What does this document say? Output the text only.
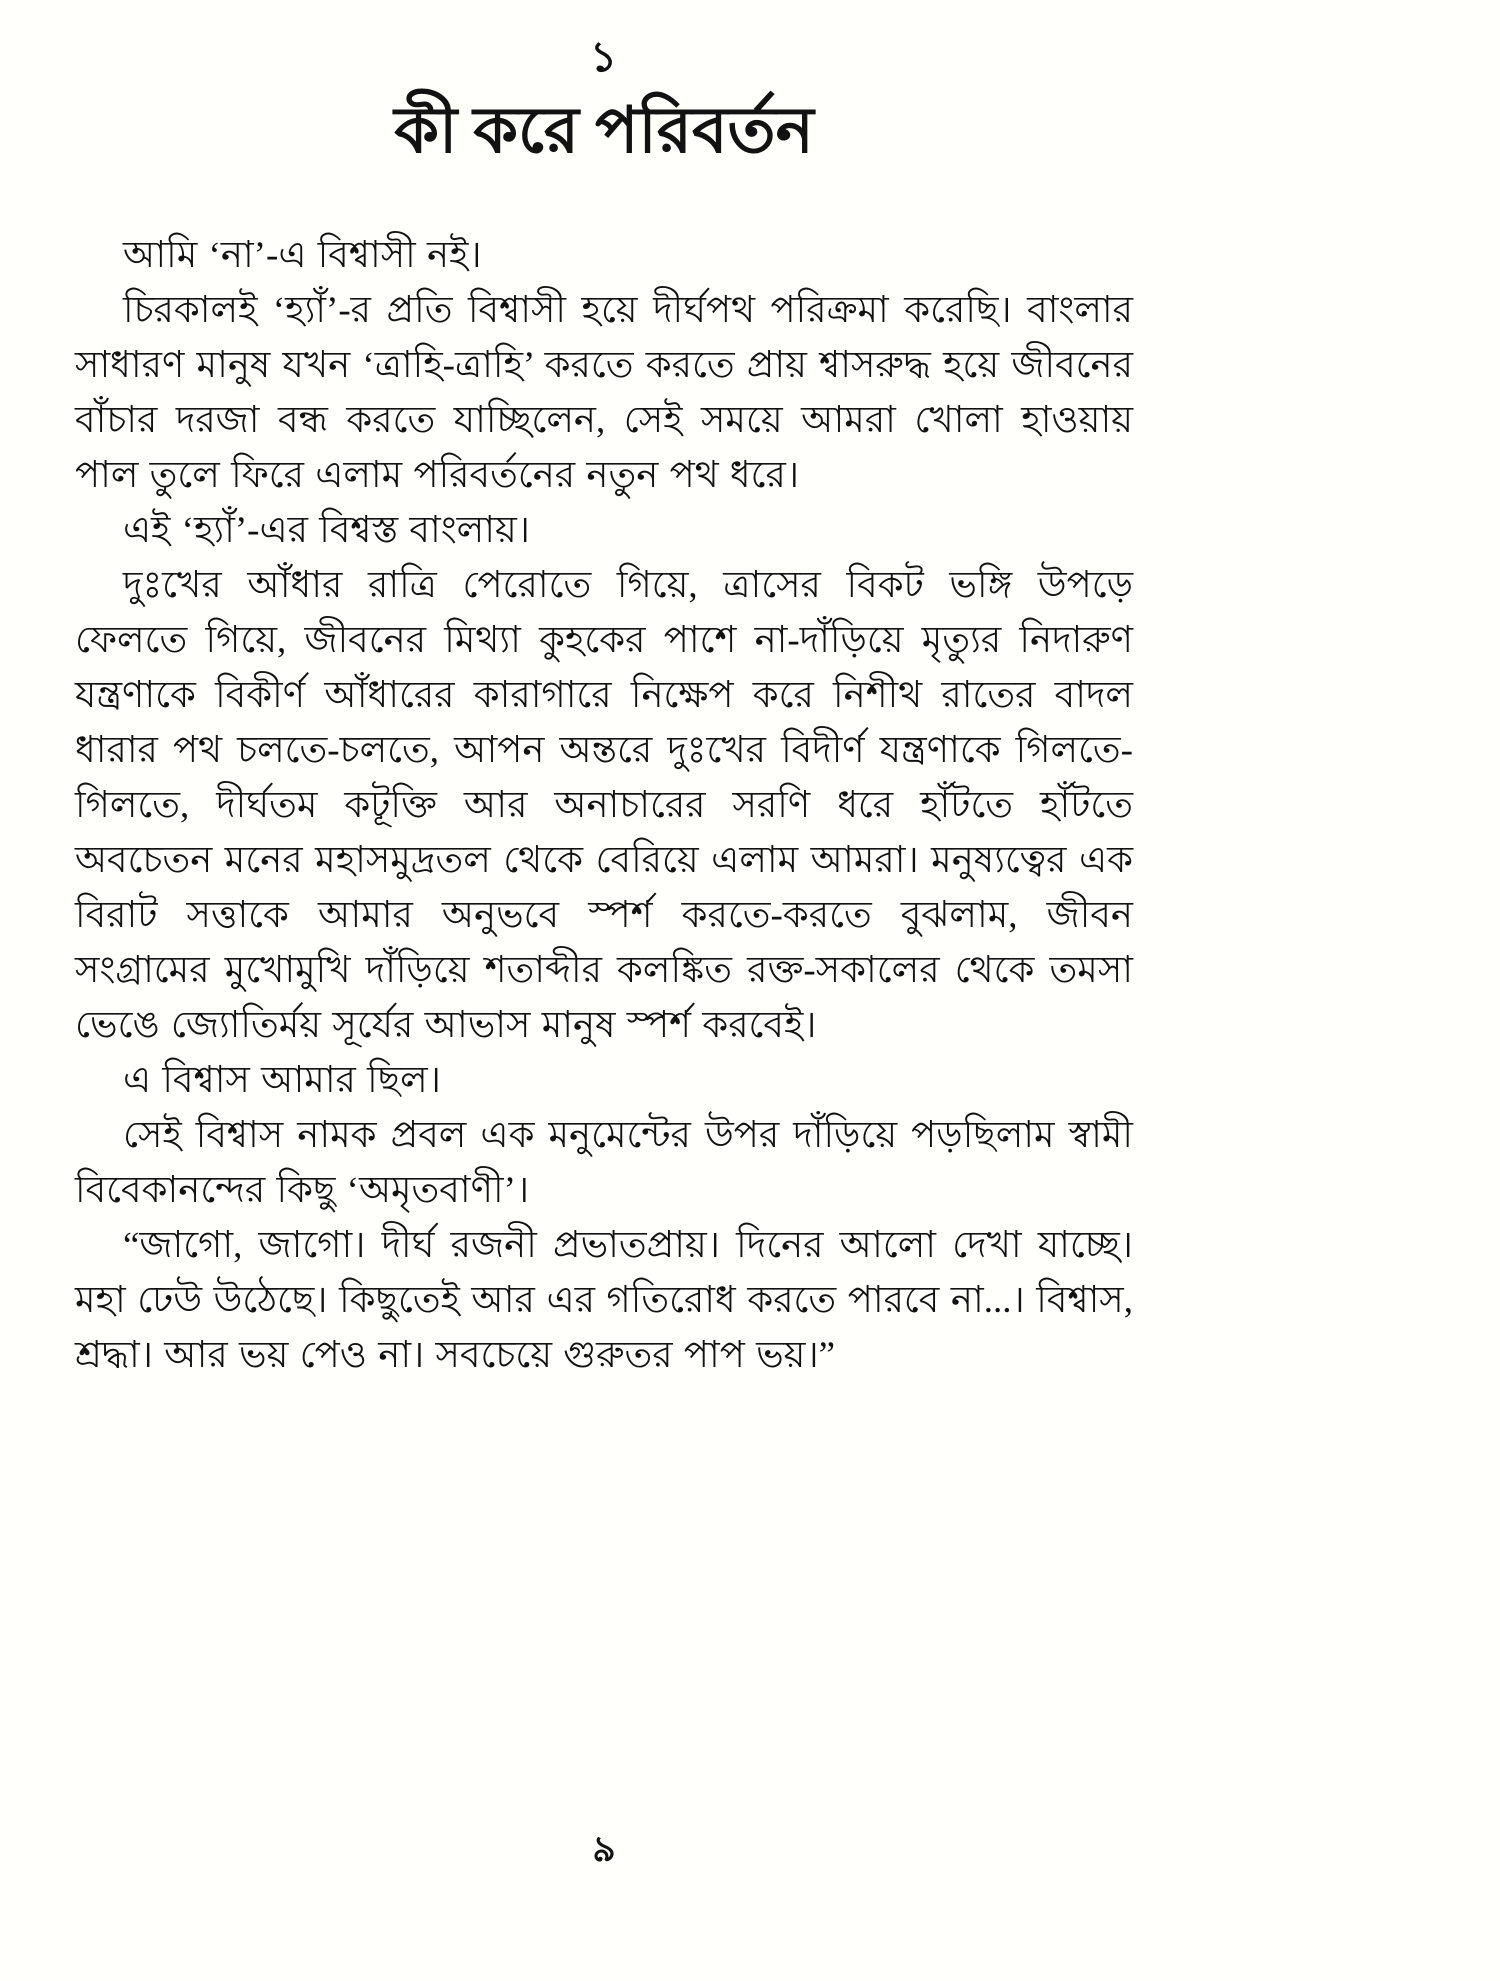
১
কী করে পরিবর্তন

আমি ‘না’-এ বিশ্বাসী নই।

চিরকালই ‘হ্যাঁ’-র প্রতি বিশ্বাসী হয়ে দীর্ঘপথ পরিক্রমা করেছি। বাংলার সাধারণ মানুষ যখন ‘ত্রাহি-ত্রাহি’ করতে করতে প্রায় শ্বাসরুদ্ধ হয়ে জীবনের বাঁচার দরজা বন্ধ করতে যাচ্ছিলেন, সেই সময়ে আমরা খোলা হাওয়ায় পাল তুলে ফিরে এলাম পরিবর্তনের নতুন পথ ধরে।

এই ‘হ্যাঁ’-এর বিশ্বস্ত বাংলায়।

দুঃখের আঁধার রাত্রি পেরোতে গিয়ে, ত্রাসের বিকট ভঙ্গি উপড়ে ফেলতে গিয়ে, জীবনের মিথ্যা কুহকের পাশে না-দাঁড়িয়ে মৃত্যুর নিদারুণ যন্ত্রণাকে বিকীর্ণ আঁধারের কারাগারে নিক্ষেপ করে নিশীথ রাতের বাদল ধারার পথ চলতে-চলতে, আপন অন্তরে দুঃখের বিদীর্ণ যন্ত্রণাকে গিলতে-গিলতে, দীর্ঘতম কটূক্তি আর অনাচারের সরণি ধরে হাঁটতে হাঁটতে অবচেতন মনের মহাসমুদ্রতল থেকে বেরিয়ে এলাম আমরা। মনুষ্যত্বের এক বিরাট সত্তাকে আমার অনুভবে স্পর্শ করতে-করতে বুঝলাম, জীবন সংগ্রামের মুখোমুখি দাঁড়িয়ে শতাব্দীর কলঙ্কিত রক্ত-সকালের থেকে তমসা ভেঙে জ্যোতির্ময় সূর্যের আভাস মানুষ স্পর্শ করবেই।

এ বিশ্বাস আমার ছিল।

সেই বিশ্বাস নামক প্রবল এক মনুমেন্টের উপর দাঁড়িয়ে পড়ছিলাম স্বামী বিবেকানন্দের কিছু ‘অমৃতবাণী’।

“জাগো, জাগো। দীর্ঘ রজনী প্রভাতপ্রায়। দিনের আলো দেখা যাচ্ছে। মহা ঢেউ উঠেছে। কিছুতেই আর এর গতিরোধ করতে পারবে না...। বিশ্বাস, শ্রদ্ধা। আর ভয় পেও না। সবচেয়ে গুরুতর পাপ ভয়।”

৯
